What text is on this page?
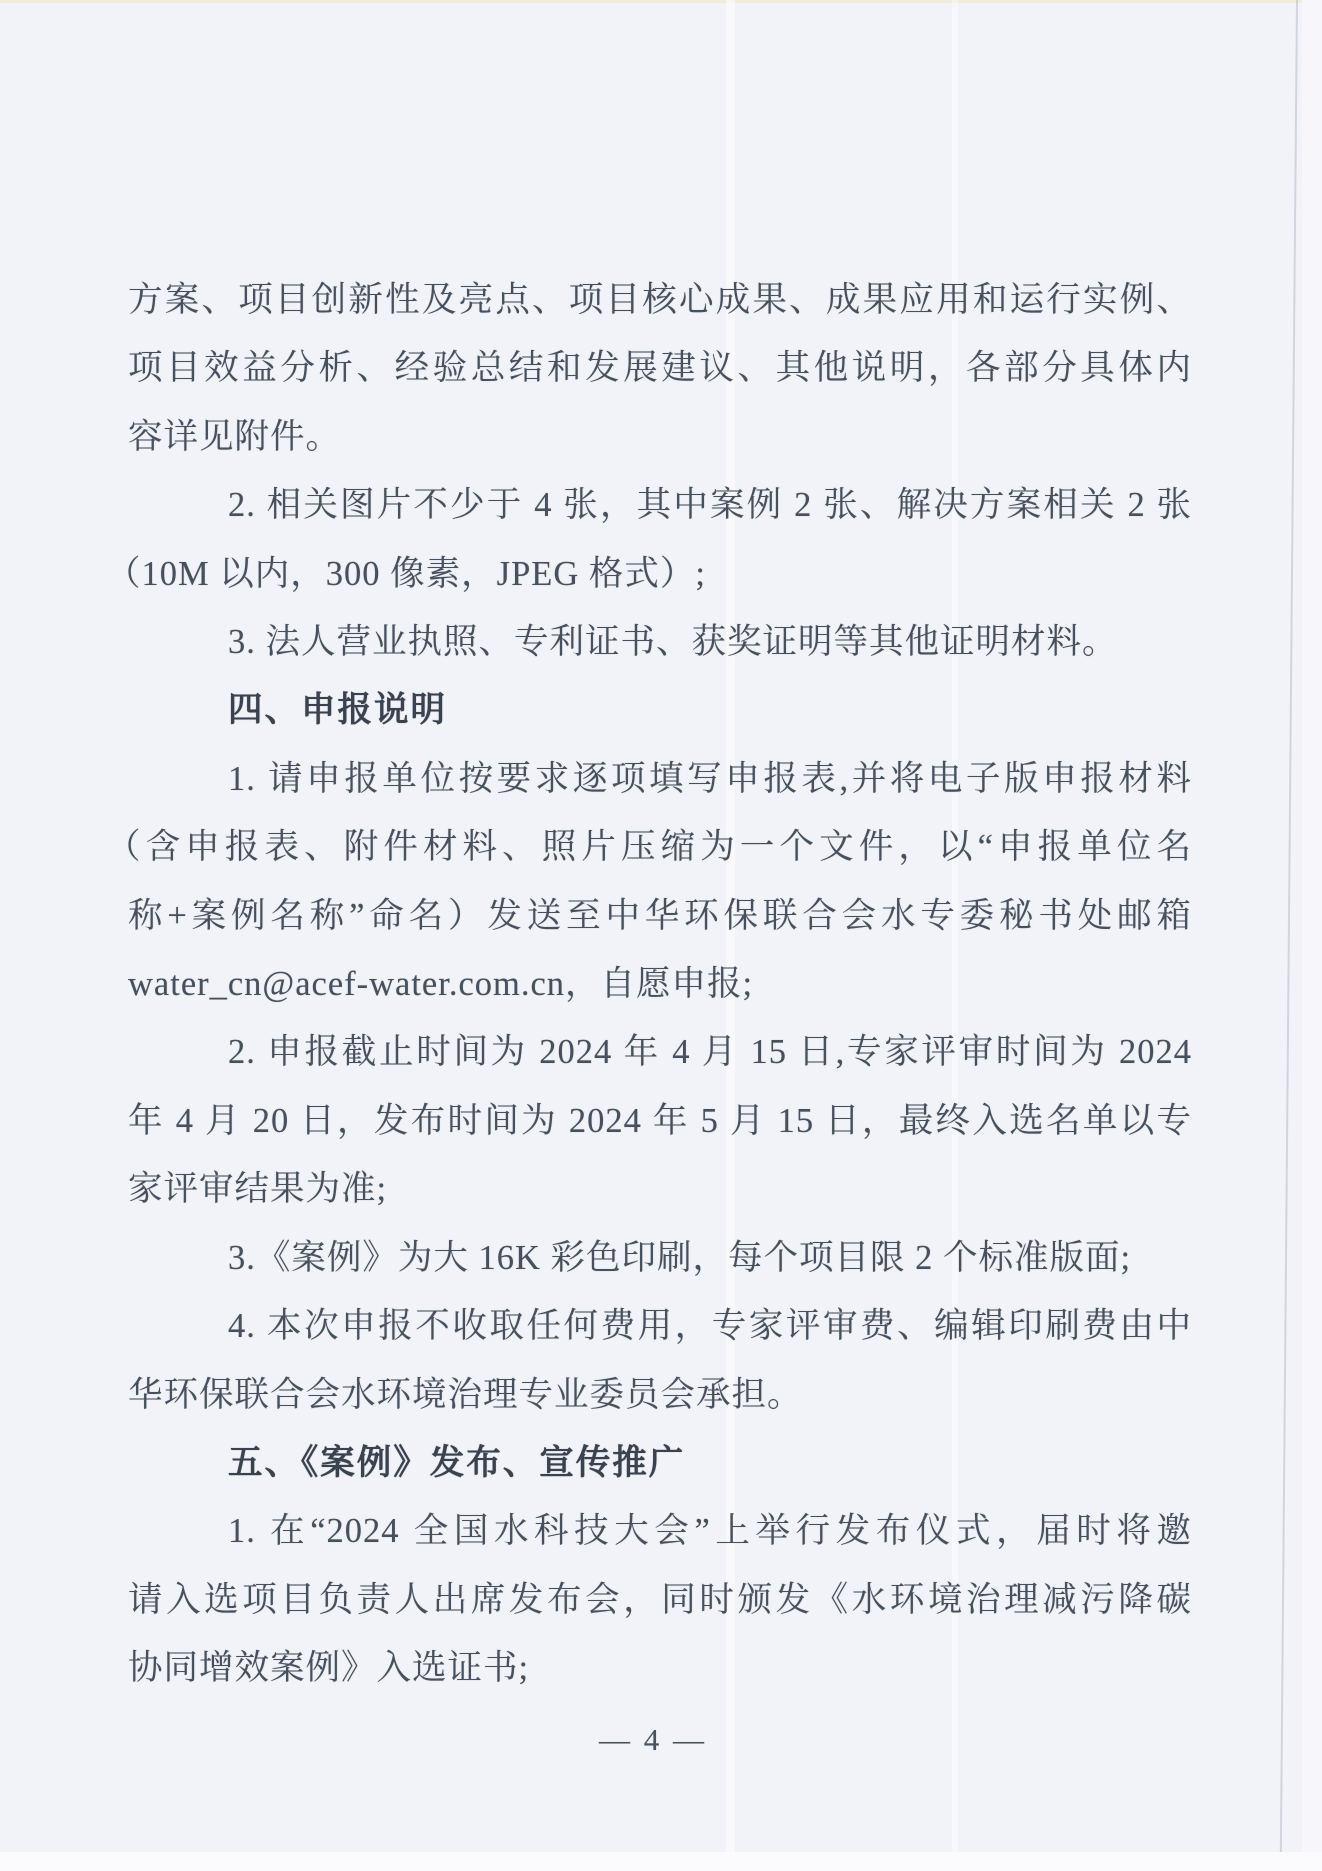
方案、项目创新性及亮点、项目核心成果、成果应用和运行实例、

项目效益分析、经验总结和发展建议、其他说明，各部分具体内

容详见附件。

2. 相关图片不少于 4 张，其中案例 2 张、解决方案相关 2 张

（10M 以内，300 像素，JPEG 格式）;

3. 法人营业执照、专利证书、获奖证明等其他证明材料。

四、申报说明

1. 请申报单位按要求逐项填写申报表,并将电子版申报材料

（含申报表、附件材料、照片压缩为一个文件，以“申报单位名

称+案例名称”命名）发送至中华环保联合会水专委秘书处邮箱

water_cn@acef-water.com.cn，自愿申报;

2. 申报截止时间为 2024 年 4 月 15 日,专家评审时间为 2024

年 4 月 20 日，发布时间为 2024 年 5 月 15 日，最终入选名单以专

家评审结果为准;

3.《案例》为大 16K 彩色印刷，每个项目限 2 个标准版面;

4. 本次申报不收取任何费用，专家评审费、编辑印刷费由中

华环保联合会水环境治理专业委员会承担。

五、《案例》发布、宣传推广

1. 在“2024 全国水科技大会”上举行发布仪式，届时将邀

请入选项目负责人出席发布会，同时颁发《水环境治理减污降碳

协同增效案例》入选证书;

— 4 —
